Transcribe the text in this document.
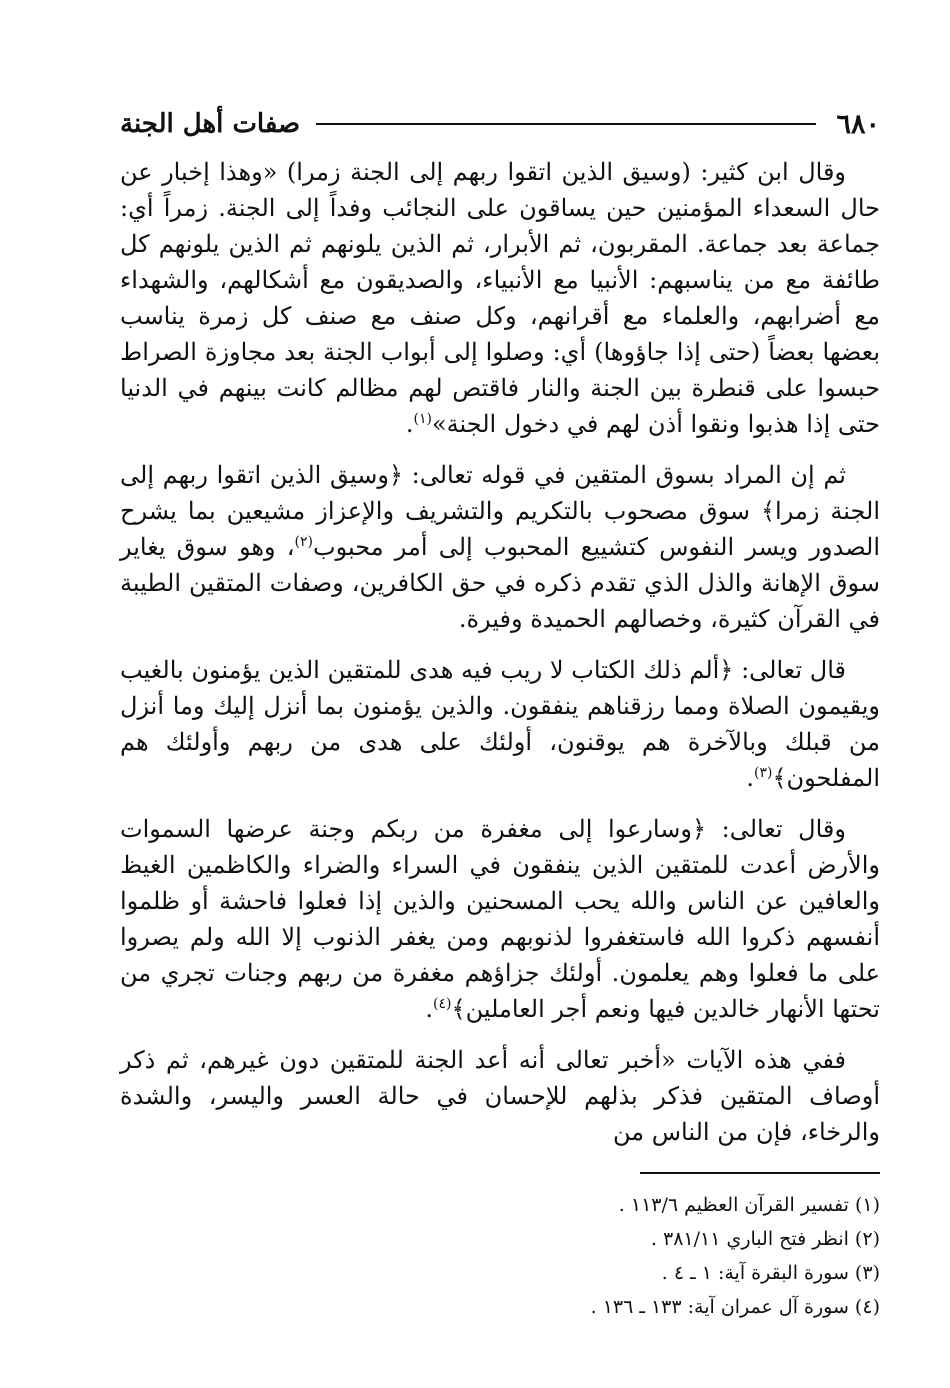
٦٨٠
صفات أهل الجنة

وقال ابن كثير: (وسيق الذين اتقوا ربهم إلى الجنة زمرا) «وهذا إخبار عن حال السعداء المؤمنين حين يساقون على النجائب وفداً إلى الجنة. زمراً أي: جماعة بعد جماعة. المقربون، ثم الأبرار، ثم الذين يلونهم ثم الذين يلونهم كل طائفة مع من يناسبهم: الأنبيا مع الأنبياء، والصديقون مع أشكالهم، والشهداء مع أضرابهم، والعلماء مع أقرانهم، وكل صنف مع صنف كل زمرة يناسب بعضها بعضاً (حتى إذا جاؤوها) أي: وصلوا إلى أبواب الجنة بعد مجاوزة الصراط حبسوا على قنطرة بين الجنة والنار فاقتص لهم مظالم كانت بينهم في الدنيا حتى إذا هذبوا ونقوا أذن لهم في دخول الجنة»$^{(١)}$.

ثم إن المراد بسوق المتقين في قوله تعالى: ﴿وسيق الذين اتقوا ربهم إلى الجنة زمرا﴾ سوق مصحوب بالتكريم والتشريف والإعزاز مشيعين بما يشرح الصدور ويسر النفوس كتشييع المحبوب إلى أمر محبوب$^{(٢)}$، وهو سوق يغاير سوق الإهانة والذل الذي تقدم ذكره في حق الكافرين، وصفات المتقين الطيبة في القرآن كثيرة، وخصالهم الحميدة وفيرة.

قال تعالى: ﴿ألم ذلك الكتاب لا ريب فيه هدى للمتقين الذين يؤمنون بالغيب ويقيمون الصلاة ومما رزقناهم ينفقون. والذين يؤمنون بما أنزل إليك وما أنزل من قبلك وبالآخرة هم يوقنون، أولئك على هدى من ربهم وأولئك هم المفلحون﴾$^{(٣)}$.

وقال تعالى: ﴿وسارعوا إلى مغفرة من ربكم وجنة عرضها السموات والأرض أعدت للمتقين الذين ينفقون في السراء والضراء والكاظمين الغيظ والعافين عن الناس والله يحب المسحنين والذين إذا فعلوا فاحشة أو ظلموا أنفسهم ذكروا الله فاستغفروا لذنوبهم ومن يغفر الذنوب إلا الله ولم يصروا على ما فعلوا وهم يعلمون. أولئك جزاؤهم مغفرة من ربهم وجنات تجري من تحتها الأنهار خالدين فيها ونعم أجر العاملين﴾$^{(٤)}$.

ففي هذه الآيات «أخبر تعالى أنه أعد الجنة للمتقين دون غيرهم، ثم ذكر أوصاف المتقين فذكر بذلهم للإحسان في حالة العسر واليسر، والشدة والرخاء، فإن من الناس من

(١) تفسير القرآن العظيم ١١٣/٦ .

(٢) انظر فتح الباري ٣٨١/١١ .

(٣) سورة البقرة آية: ١ ـ ٤ .

(٤) سورة آل عمران آية: ١٣٣ ـ ١٣٦ .
